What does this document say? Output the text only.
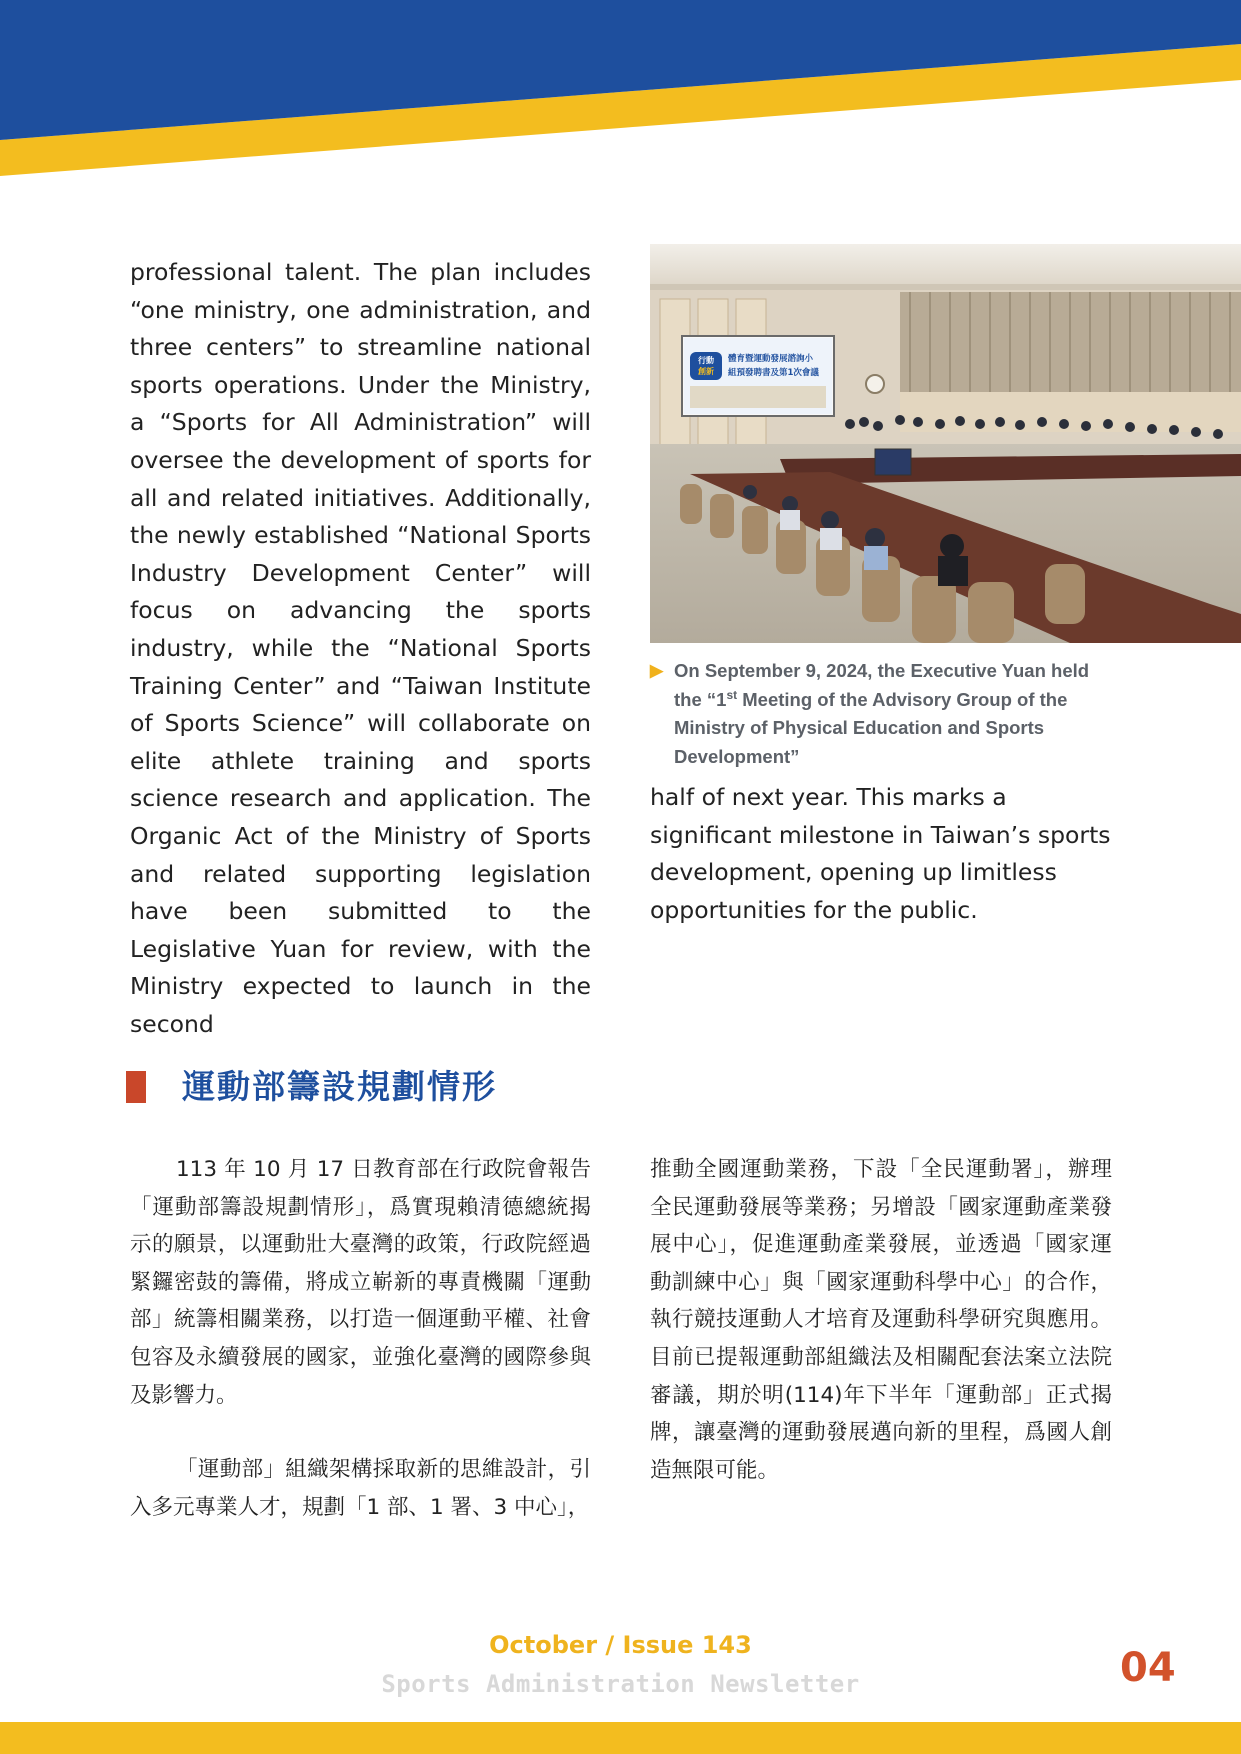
professional talent. The plan includes “one ministry, one administration, and three centers” to streamline national sports operations. Under the Ministry, a “Sports for All Administration” will oversee the development of sports for all and related initiatives. Additionally, the newly established “National Sports Industry Development Center” will focus on advancing the sports industry, while the “National Sports Training Center” and “Taiwan Institute of Sports Science” will collaborate on elite athlete training and sports science research and application. The Organic Act of the Ministry of Sports and related supporting legislation have been submitted to the Legislative Yuan for review, with the Ministry expected to launch in the second

行動
創新
體育暨運動發展諮詢小
組預發聘書及第1次會議
▶ On September 9, 2024, the Executive Yuan held the “1st Meeting of the Advisory Group of the Ministry of Physical Education and Sports Development”

half of next year. This marks a significant milestone in Taiwan’s sports development, opening up limitless opportunities for the public.

運動部籌設規劃情形

113 年 10 月 17 日教育部在行政院會報告「運動部籌設規劃情形」，爲實現賴清德總統揭示的願景，以運動壯大臺灣的政策，行政院經過緊鑼密鼓的籌備，將成立嶄新的專責機關「運動部」統籌相關業務，以打造一個運動平權、社會包容及永續發展的國家，並強化臺灣的國際參與及影響力。

「運動部」組織架構採取新的思維設計，引入多元專業人才，規劃「1 部、1 署、3 中心」，

推動全國運動業務，下設「全民運動署」，辦理全民運動發展等業務；另增設「國家運動產業發展中心」，促進運動產業發展，並透過「國家運動訓練中心」與「國家運動科學中心」的合作，執行競技運動人才培育及運動科學研究與應用。目前已提報運動部組織法及相關配套法案立法院審議，期於明(114)年下半年「運動部」正式揭牌，讓臺灣的運動發展邁向新的里程，爲國人創造無限可能。

October / Issue 143
Sports Administration Newsletter	04
